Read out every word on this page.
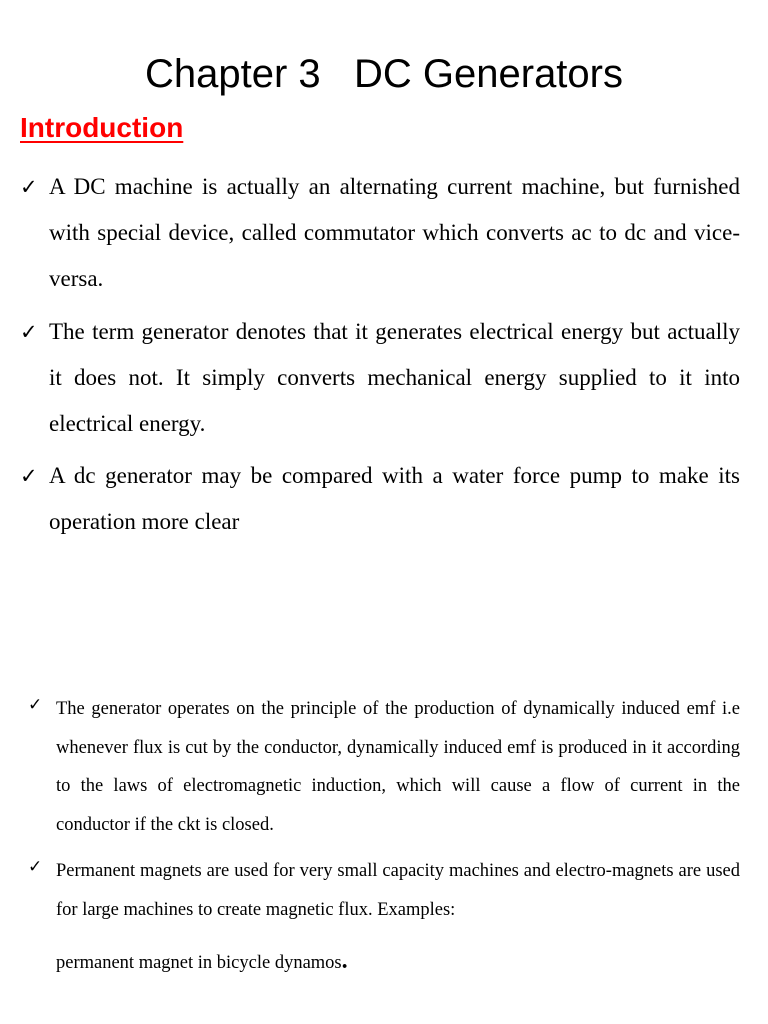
Chapter 3   DC Generators
Introduction
✓ A DC machine is actually an alternating current machine, but furnished with special device, called commutator which converts ac to dc and vice-versa.
✓ The term generator denotes that it generates electrical energy but actually it does not. It simply converts mechanical energy supplied to it into electrical energy.
✓ A dc generator may be compared with a water force pump to make its operation more clear
✓ The generator operates on the principle of the production of dynamically induced emf i.e whenever flux is cut by the conductor, dynamically induced emf is produced in it according to the laws of electromagnetic induction, which will cause a flow of current in the conductor if the ckt is closed.
✓ Permanent magnets are used for very small capacity machines and electro-magnets are used for large machines to create magnetic flux. Examples:
permanent magnet in bicycle dynamos.
